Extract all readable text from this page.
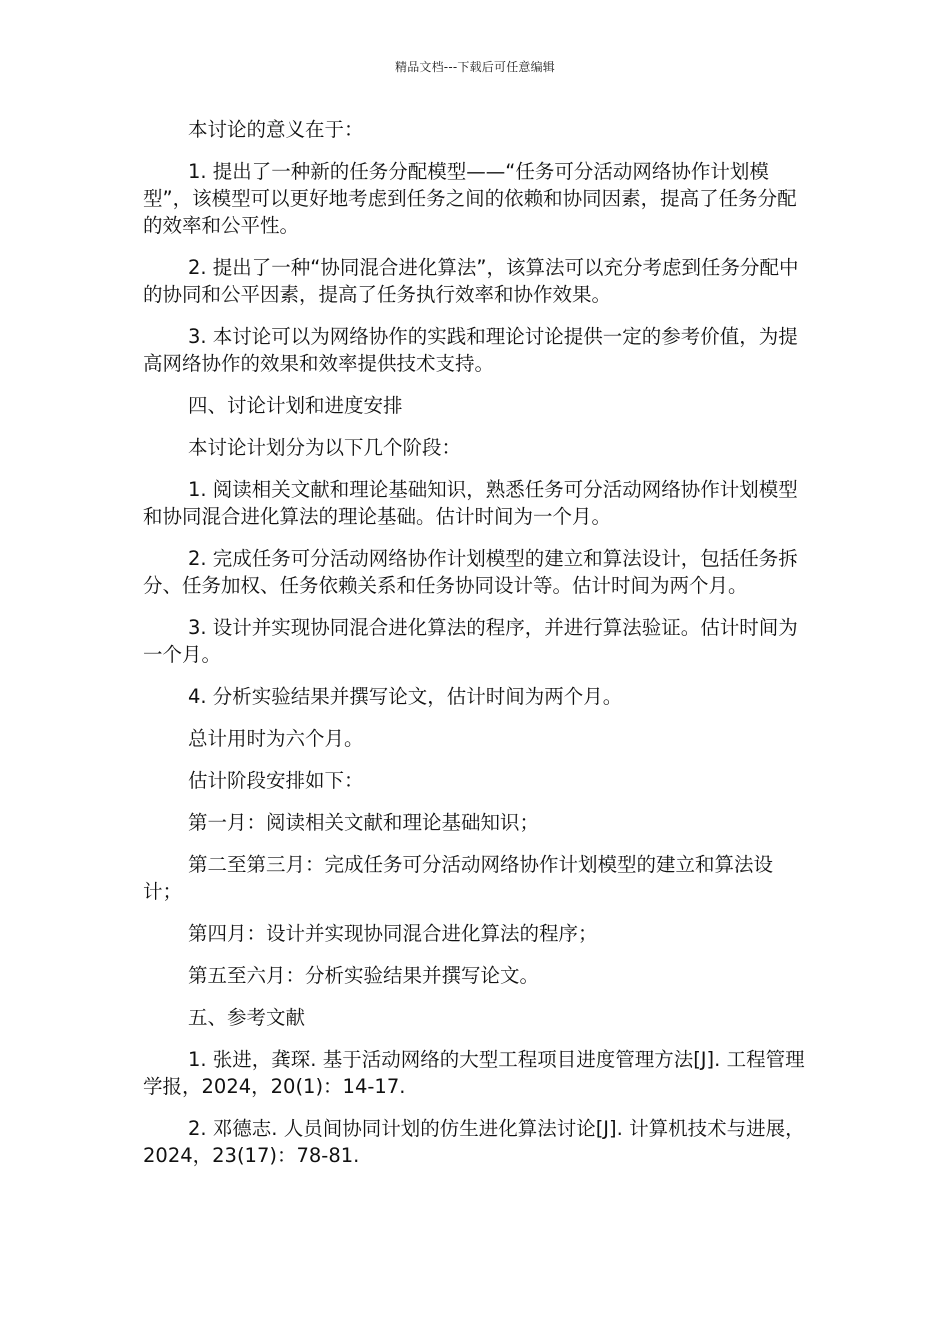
精品文档---下载后可任意编辑

本讨论的意义在于：

1. 提出了一种新的任务分配模型——“任务可分活动网络协作计划模型”，该模型可以更好地考虑到任务之间的依赖和协同因素，提高了任务分配的效率和公平性。

2. 提出了一种“协同混合进化算法”，该算法可以充分考虑到任务分配中的协同和公平因素，提高了任务执行效率和协作效果。

3. 本讨论可以为网络协作的实践和理论讨论提供一定的参考价值，为提高网络协作的效果和效率提供技术支持。

四、讨论计划和进度安排

本讨论计划分为以下几个阶段：

1. 阅读相关文献和理论基础知识，熟悉任务可分活动网络协作计划模型和协同混合进化算法的理论基础。估计时间为一个月。

2. 完成任务可分活动网络协作计划模型的建立和算法设计，包括任务拆分、任务加权、任务依赖关系和任务协同设计等。估计时间为两个月。

3. 设计并实现协同混合进化算法的程序，并进行算法验证。估计时间为一个月。

4. 分析实验结果并撰写论文，估计时间为两个月。

总计用时为六个月。

估计阶段安排如下：

第一月：阅读相关文献和理论基础知识；

第二至第三月：完成任务可分活动网络协作计划模型的建立和算法设计；

第四月：设计并实现协同混合进化算法的程序；

第五至六月：分析实验结果并撰写论文。

五、参考文献

1. 张进，龚琛. 基于活动网络的大型工程项目进度管理方法[J]. 工程管理学报，2024，20(1)：14-17.

2. 邓德志. 人员间协同计划的仿生进化算法讨论[J]. 计算机技术与进展，2024，23(17)：78-81.
